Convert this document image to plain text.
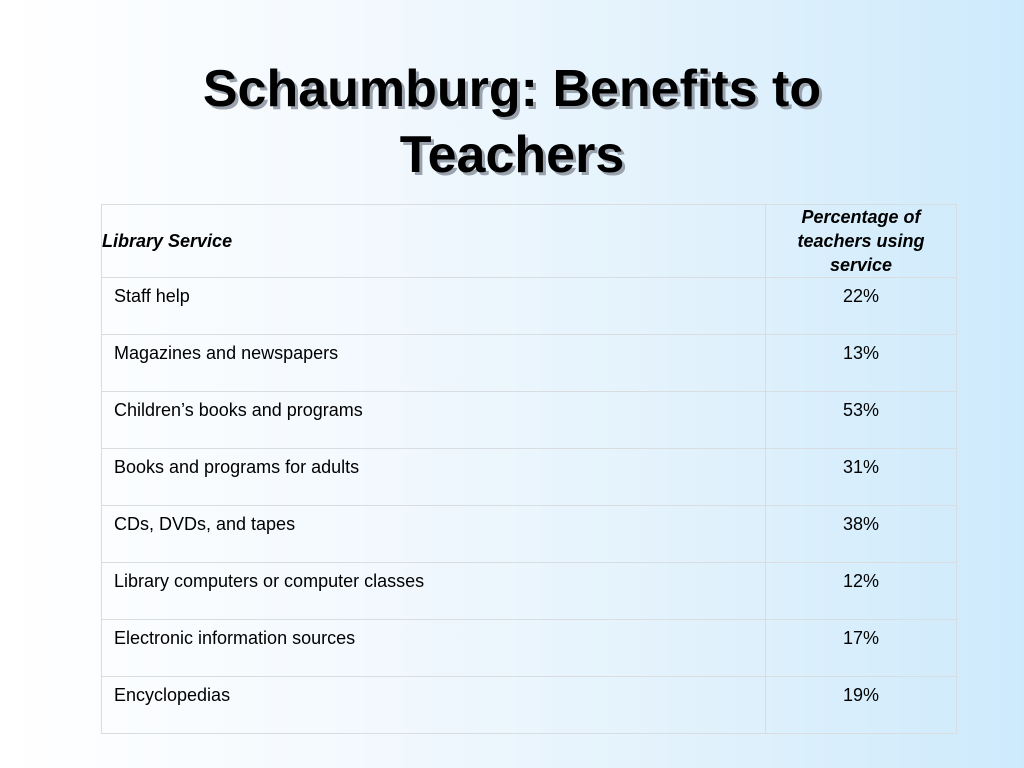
Schaumburg: Benefits to
Teachers
Library Service	Percentage of teachers using service
Staff help	22%
Magazines and newspapers	13%
Children’s books and programs	53%
Books and programs for adults	31%
CDs, DVDs, and tapes	38%
Library computers or computer classes	12%
Electronic information sources	17%
Encyclopedias	19%
